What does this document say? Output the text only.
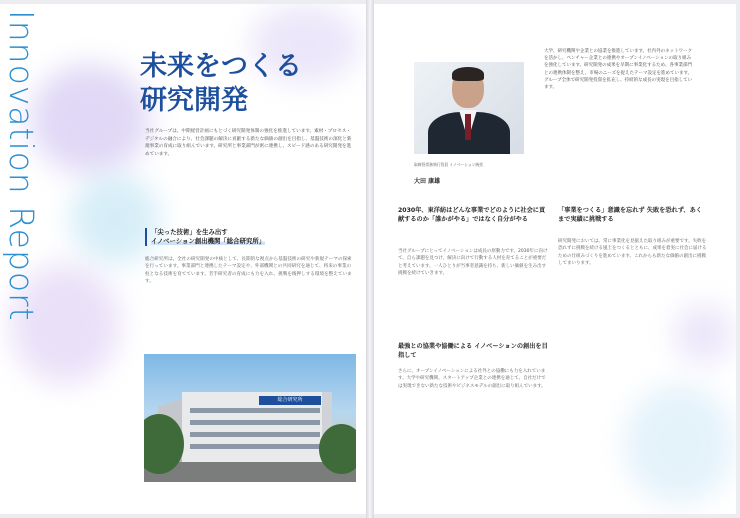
Innovation Report	未来をつくる
研究開発
当社グループは、中期経営計画にもとづく研究開発体制の強化を推進しています。素材・プロセス・デジタルの融合により、社会課題の解決に貢献する新たな価値の創出を目指し、基盤技術の深化と新規事業の育成に取り組んでいます。研究所と事業部門が密に連携し、スピード感のある研究開発を進めています。
「尖った技術」を生み出す
イノベーション創出機関「総合研究所」
総合研究所は、全社の研究開発の中核として、長期的な視点から基盤技術の研究や新規テーマの探索を行っています。事業部門と連携したテーマ設定や、外部機関との共同研究を通じて、将来の事業の柱となる技術を育てています。若手研究者の育成にも力を入れ、挑戦を後押しする環境を整えています。
総合研究所
取締役常務執行役員 イノベーション統括
大田 康雄
大学、研究機関や企業との協業を推進しています。社内外のネットワークを活かし、ベンチャー企業との連携やオープンイノベーションの取り組みを強化しています。研究開発の成果を早期に事業化するため、各事業部門との連携体制を整え、市場のニーズを捉えたテーマ設定を進めています。グループ全体で研究開発投資を拡充し、持続的な成長の実現を目指しています。
2030年、東洋紡はどんな事業でどのように社会に貢献するのか「誰かがやる」ではなく自分がやる
当社グループにとってイノベーションは成長の原動力です。2030年に向けて、自ら課題を見つけ、解決に向けて行動する人材を育てることが重要だと考えています。一人ひとりが当事者意識を持ち、新しい価値を生み出す挑戦を続けていきます。
最強との協業や協働による イノベーションの創出を目指して
さらに、オープンイノベーションによる社外との協働にも力を入れています。大学や研究機関、スタートアップ企業との連携を通じて、自社だけでは実現できない新たな技術やビジネスモデルの創出に取り組んでいます。
「事業をつくる」意識を忘れず 失敗を恐れず、あくまで実績に挑戦する
研究開発においては、常に事業化を見据えた取り組みが重要です。失敗を恐れずに挑戦を続ける風土をつくるとともに、成果を着実に社会に届けるための仕組みづくりを進めています。これからも新たな価値の創出に挑戦してまいります。
